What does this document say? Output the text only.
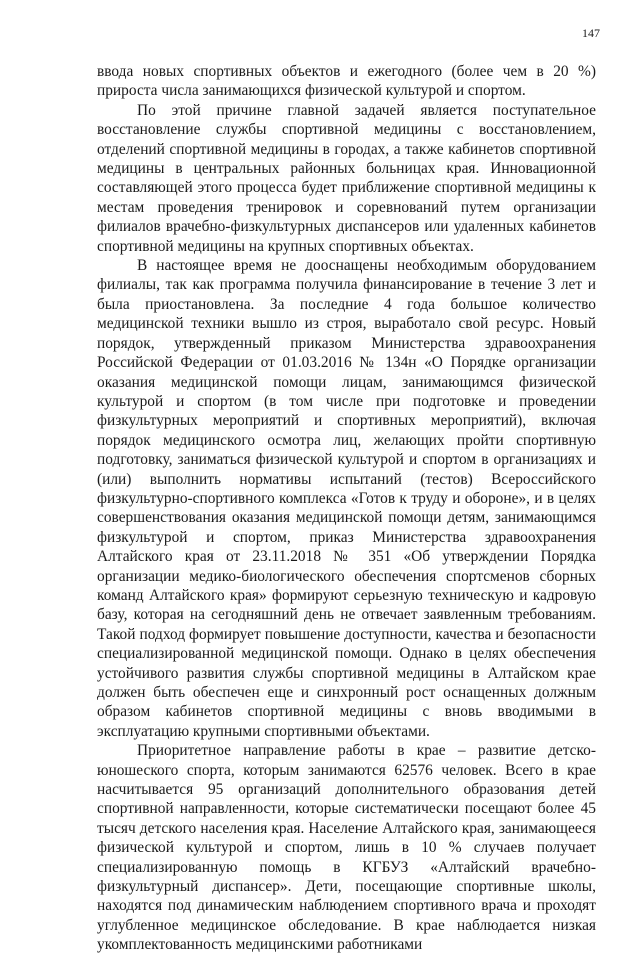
147

ввода новых спортивных объектов и ежегодного (более чем в 20 %) прироста числа занимающихся физической культурой и спортом.

По этой причине главной задачей является поступательное восстановление службы спортивной медицины с восстановлением, отделений спортивной медицины в городах, а также кабинетов спортивной медицины в центральных районных больницах края. Инновационной составляющей этого процесса будет приближение спортивной медицины к местам проведения тренировок и соревнований путем организации филиалов врачебно-физкультурных диспансеров или удаленных кабинетов спортивной медицины на крупных спортивных объектах.

В настоящее время не дооснащены необходимым оборудованием филиалы, так как программа получила финансирование в течение 3 лет и была приостановлена. За последние 4 года большое количество медицинской техники вышло из строя, выработало свой ресурс. Новый порядок, утвержденный приказом Министерства здравоохранения Российской Федерации от 01.03.2016 № 134н «О Порядке организации оказания медицинской помощи лицам, занимающимся физической культурой и спортом (в том числе при подготовке и проведении физкультурных мероприятий и спортивных мероприятий), включая порядок медицинского осмотра лиц, желающих пройти спортивную подготовку, заниматься физической культурой и спортом в организациях и (или) выполнить нормативы испытаний (тестов) Всероссийского физкультурно-спортивного комплекса «Готов к труду и обороне», и в целях совершенствования оказания медицинской помощи детям, занимающимся физкультурой и спортом, приказ Министерства здравоохранения Алтайского края от 23.11.2018 № 351 «Об утверждении Порядка организации медико-биологического обеспечения спортсменов сборных команд Алтайского края» формируют серьезную техническую и кадровую базу, которая на сегодняшний день не отвечает заявленным требованиям. Такой подход формирует повышение доступности, качества и безопасности специализированной медицинской помощи. Однако в целях обеспечения устойчивого развития службы спортивной медицины в Алтайском крае должен быть обеспечен еще и синхронный рост оснащенных должным образом кабинетов спортивной медицины с вновь вводимыми в эксплуатацию крупными спортивными объектами.

Приоритетное направление работы в крае – развитие детско-юношеского спорта, которым занимаются 62576 человек. Всего в крае насчитывается 95 организаций дополнительного образования детей спортивной направленности, которые систематически посещают более 45 тысяч детского населения края. Население Алтайского края, занимающееся физической культурой и спортом, лишь в 10 % случаев получает специализированную помощь в КГБУЗ «Алтайский врачебно-физкультурный диспансер». Дети, посещающие спортивные школы, находятся под динамическим наблюдением спортивного врача и проходят углубленное медицинское обследование. В крае наблюдается низкая укомплектованность медицинскими работниками
